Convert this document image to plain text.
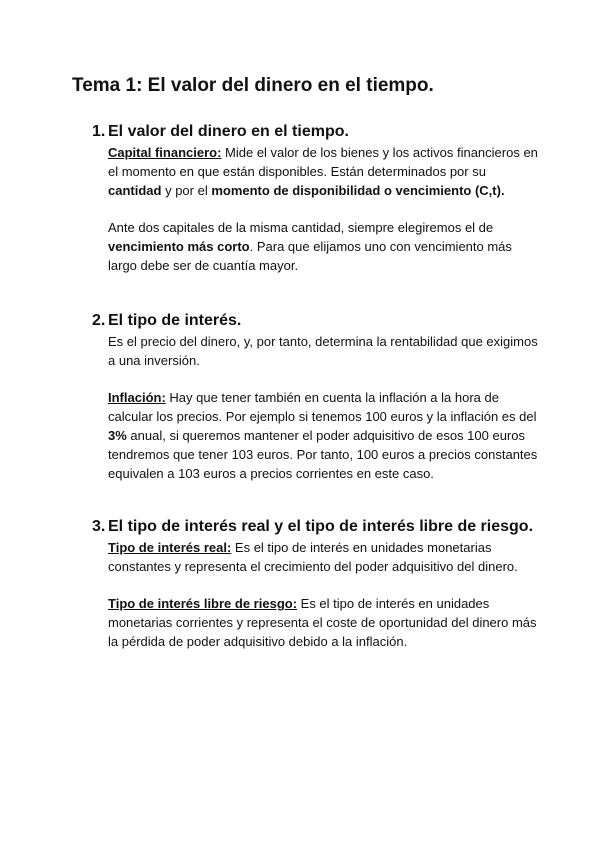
Tema 1: El valor del dinero en el tiempo.
1. El valor del dinero en el tiempo.

Capital financiero: Mide el valor de los bienes y los activos financieros en el momento en que están disponibles. Están determinados por su cantidad y por el momento de disponibilidad o vencimiento (C,t).

Ante dos capitales de la misma cantidad, siempre elegiremos el de vencimiento más corto. Para que elijamos uno con vencimiento más largo debe ser de cuantía mayor.

2. El tipo de interés.

Es el precio del dinero, y, por tanto, determina la rentabilidad que exigimos a una inversión.

Inflación: Hay que tener también en cuenta la inflación a la hora de calcular los precios. Por ejemplo si tenemos 100 euros y la inflación es del 3% anual, si queremos mantener el poder adquisitivo de esos 100 euros tendremos que tener 103 euros. Por tanto, 100 euros a precios constantes equivalen a 103 euros a precios corrientes en este caso.

3. El tipo de interés real y el tipo de interés libre de riesgo.

Tipo de interés real: Es el tipo de interés en unidades monetarias constantes y representa el crecimiento del poder adquisitivo del dinero.

Tipo de interés libre de riesgo: Es el tipo de interés en unidades monetarias corrientes y representa el coste de oportunidad del dinero más la pérdida de poder adquisitivo debido a la inflación.
